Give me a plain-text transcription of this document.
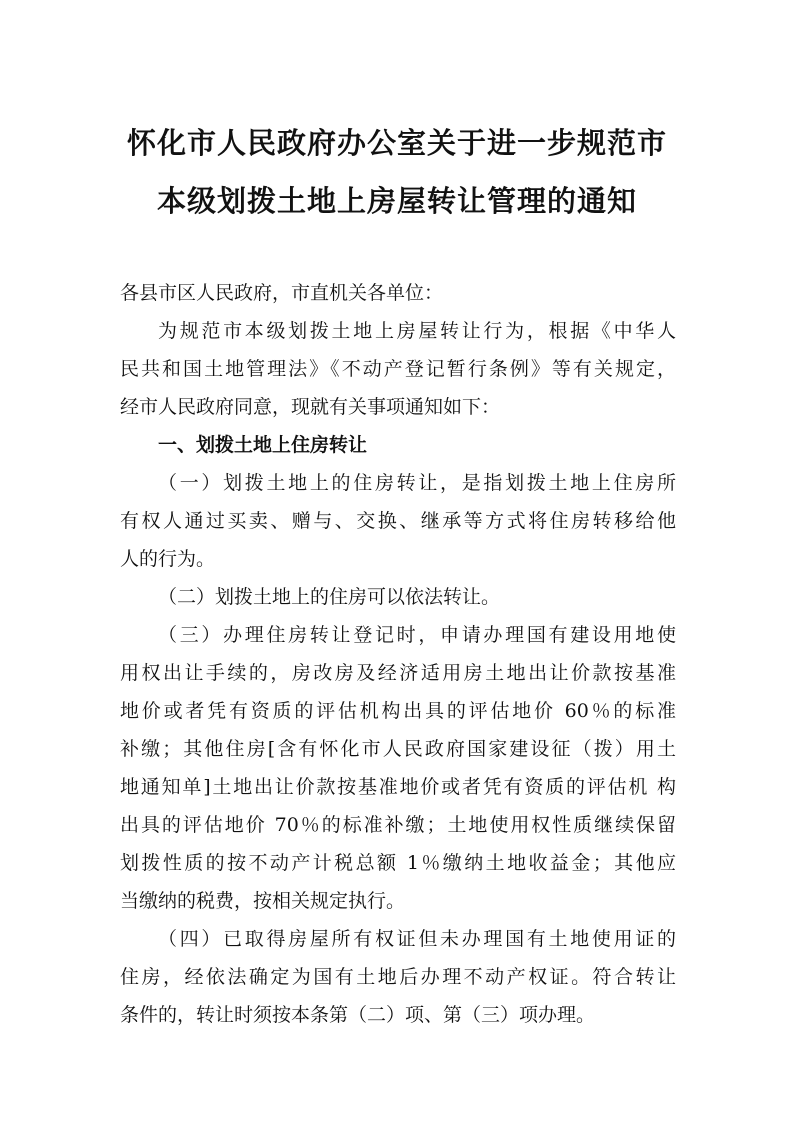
怀化市人民政府办公室关于进一步规范市
本级划拨土地上房屋转让管理的通知
各县市区人民政府，市直机关各单位：
为规范市本级划拨土地上房屋转让行为，根据《中华人
民共和国土地管理法》《不动产登记暂行条例》等有关规定，
经市人民政府同意，现就有关事项通知如下：
一、划拨土地上住房转让
（一）划拨土地上的住房转让，是指划拨土地上住房所
有权人通过买卖、赠与、交换、继承等方式将住房转移给他
人的行为。
（二）划拨土地上的住房可以依法转让。
（三）办理住房转让登记时，申请办理国有建设用地使
用权出让手续的，房改房及经济适用房土地出让价款按基准
地价或者凭有资质的评估机构出具的评估地价 60％的标准
补缴；其他住房[含有怀化市人民政府国家建设征（拨）用土
地通知单]土地出让价款按基准地价或者凭有资质的评估机 构
出具的评估地价 70％的标准补缴；土地使用权性质继续保留
划拨性质的按不动产计税总额 1％缴纳土地收益金；其他应
当缴纳的税费，按相关规定执行。
（四）已取得房屋所有权证但未办理国有土地使用证的
住房，经依法确定为国有土地后办理不动产权证。符合转让
条件的，转让时须按本条第（二）项、第（三）项办理。
